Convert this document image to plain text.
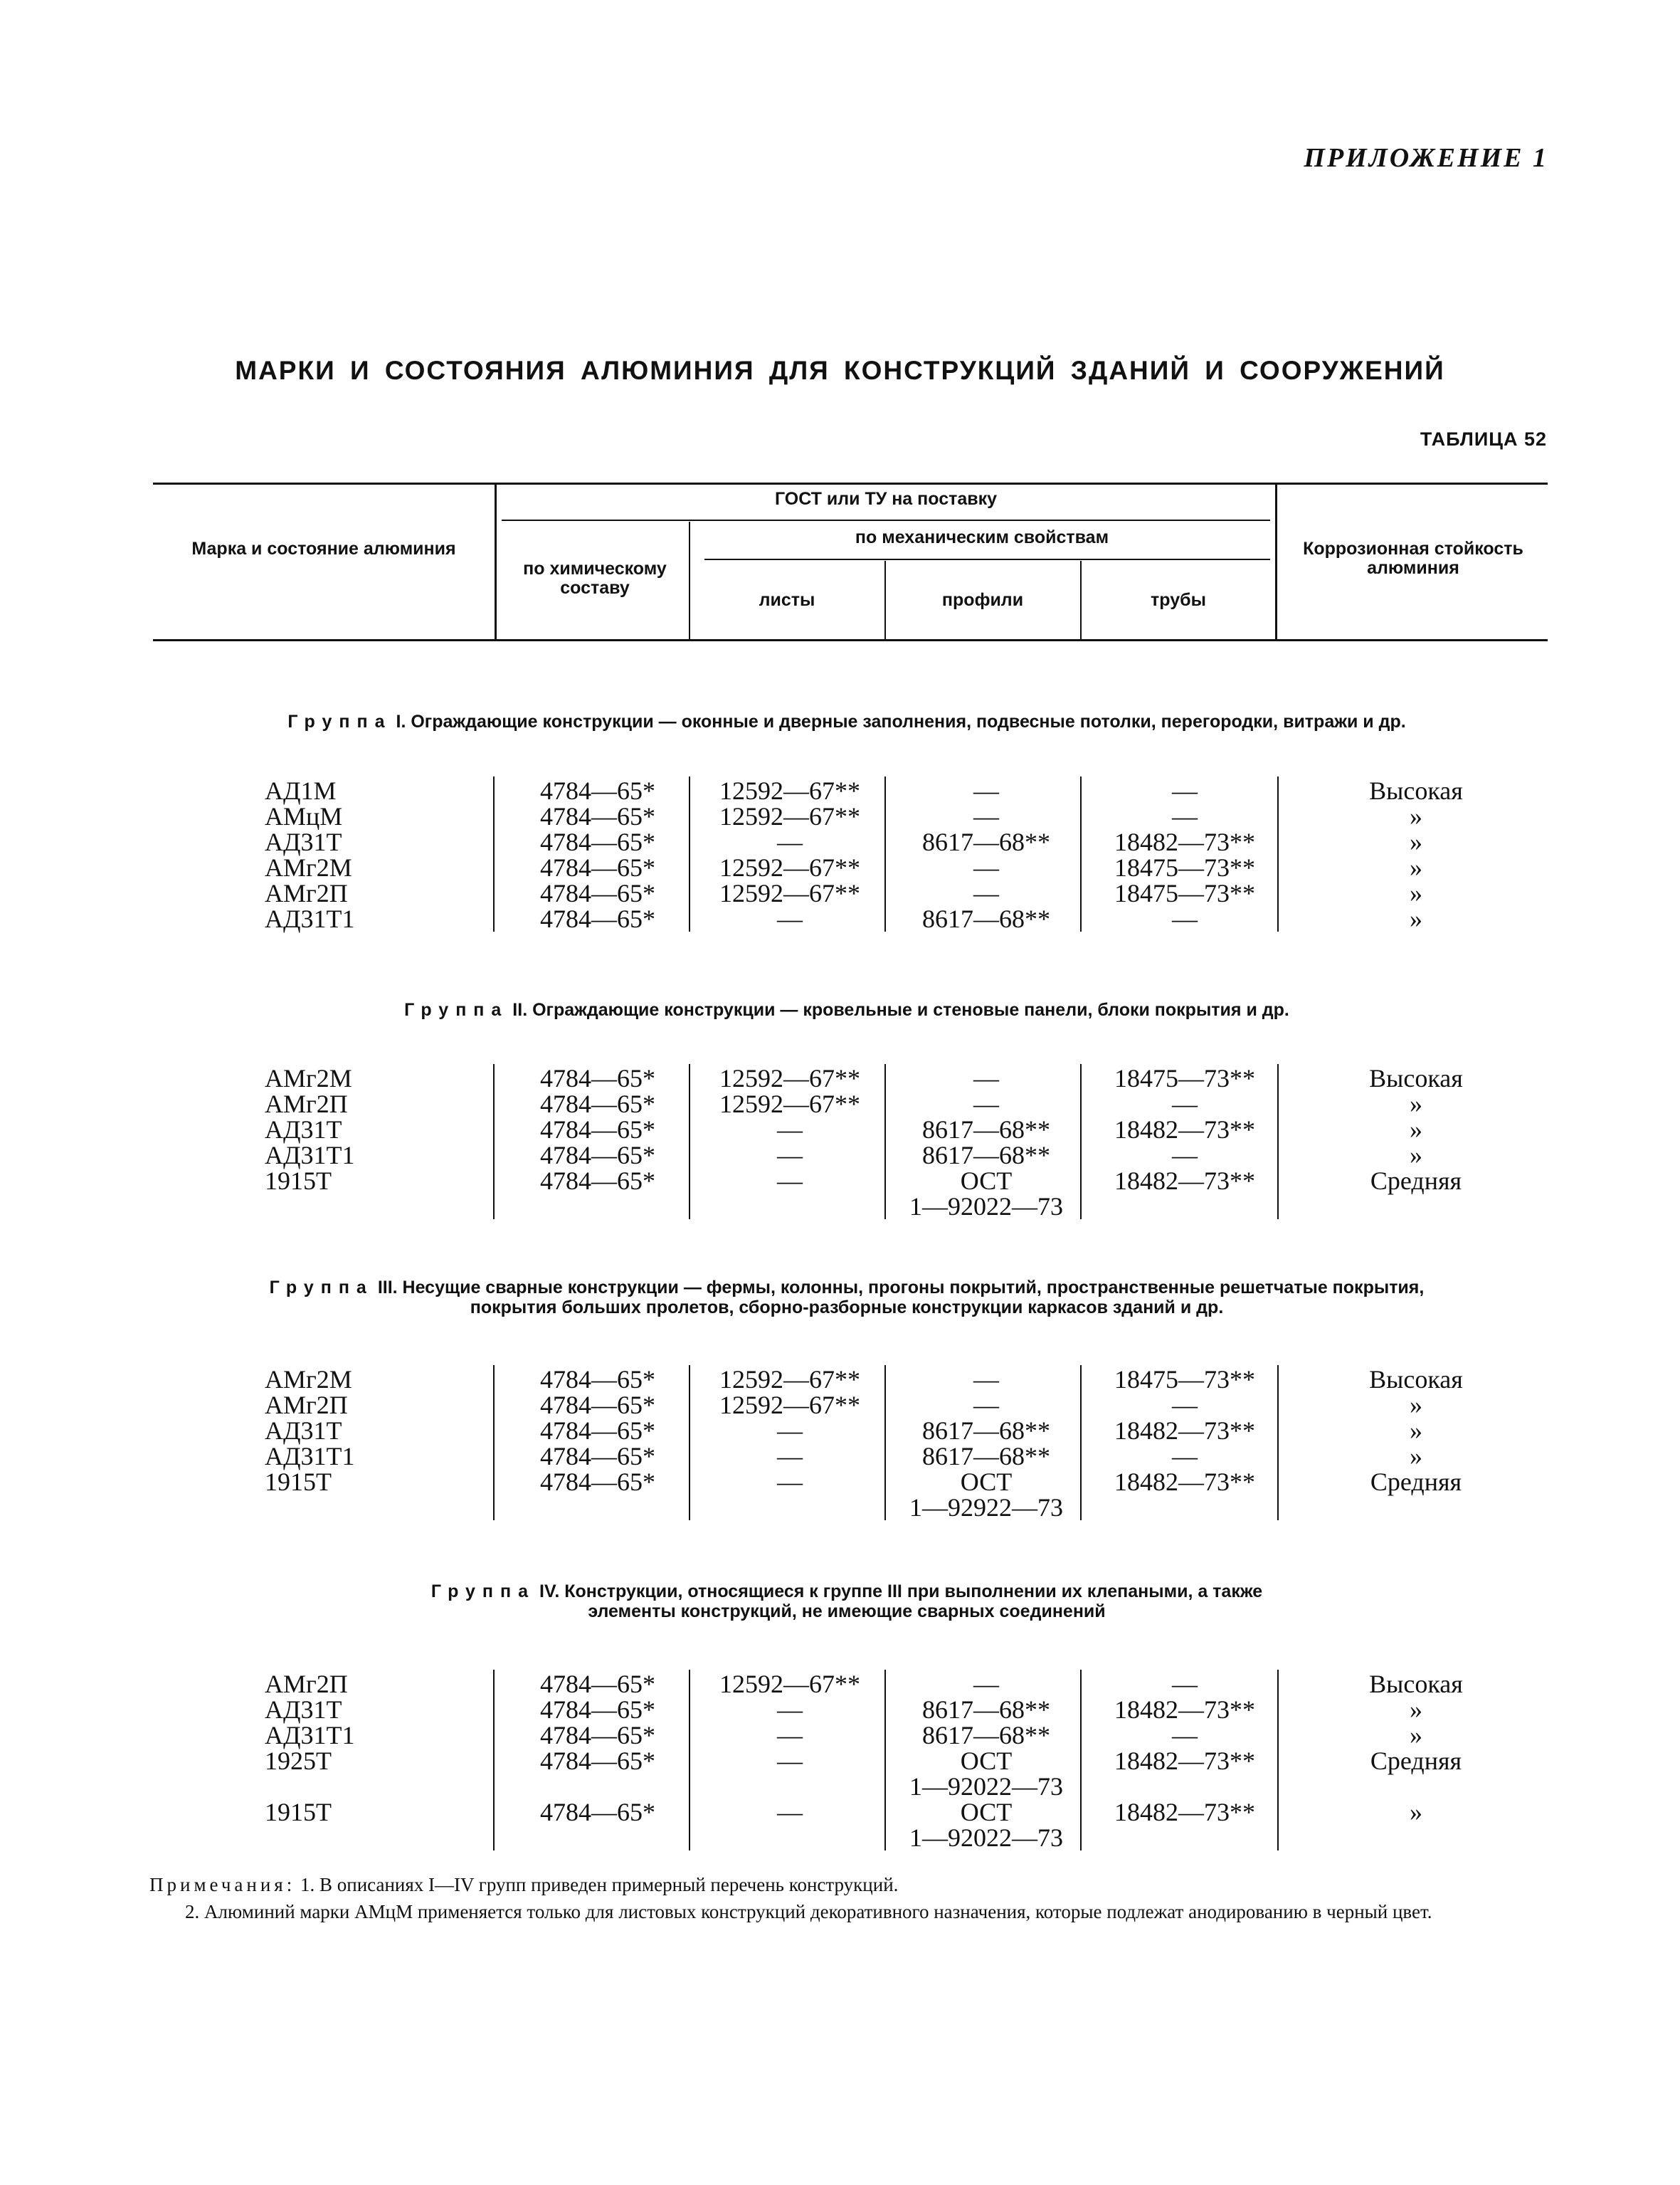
ПРИЛОЖЕНИЕ 1
МАРКИ И СОСТОЯНИЯ АЛЮМИНИЯ ДЛЯ КОНСТРУКЦИЙ ЗДАНИЙ И СООРУЖЕНИЙ
ТАБЛИЦА 52
Марка и состояние алюминия
ГОСТ или ТУ на поставку
по химическому составу
по механическим свойствам
листы	профили	трубы
Коррозионная стойкость алюминия
Группа I. Ограждающие конструкции — оконные и дверные заполнения, подвесные потолки, перегородки, витражи и др.
АД1М	4784—65*	12592—67**	—	—	Высокая
АМцМ	4784—65*	12592—67**	—	—	»
АД31Т	4784—65*	—	8617—68**	18482—73**	»
АМг2М	4784—65*	12592—67**	—	18475—73**	»
АМг2П	4784—65*	12592—67**	—	18475—73**	»
АД31Т1	4784—65*	—	8617—68**	—	»
Группа II. Ограждающие конструкции — кровельные и стеновые панели, блоки покрытия и др.
АМг2М	4784—65*	12592—67**	—	18475—73**	Высокая
АМг2П	4784—65*	12592—67**	—	—	»
АД31Т	4784—65*	—	8617—68**	18482—73**	»
АД31Т1	4784—65*	—	8617—68**	—	»
1915Т	4784—65*	—	ОСТ	18482—73**	Средняя
1—92022—73
Группа III. Несущие сварные конструкции — фермы, колонны, прогоны покрытий, пространственные решетчатые покрытия,
покрытия больших пролетов, сборно-разборные конструкции каркасов зданий и др.
АМг2М	4784—65*	12592—67**	—	18475—73**	Высокая
АМг2П	4784—65*	12592—67**	—	—	»
АД31Т	4784—65*	—	8617—68**	18482—73**	»
АД31Т1	4784—65*	—	8617—68**	—	»
1915Т	4784—65*	—	ОСТ	18482—73**	Средняя
1—92922—73
Группа IV. Конструкции, относящиеся к группе III при выполнении их клепаными, а также
элементы конструкций, не имеющие сварных соединений
АМг2П	4784—65*	12592—67**	—	—	Высокая
АД31Т	4784—65*	—	8617—68**	18482—73**	»
АД31Т1	4784—65*	—	8617—68**	—	»
1925Т	4784—65*	—	ОСТ	18482—73**	Средняя
1—92022—73
1915Т	4784—65*	—	ОСТ	18482—73**	»
1—92022—73
Примечания: 1. В описаниях I—IV групп приведен примерный перечень конструкций.
2. Алюминий марки АМцМ применяется только для листовых конструкций декоративного назначения, которые подлежат анодированию в черный цвет.
